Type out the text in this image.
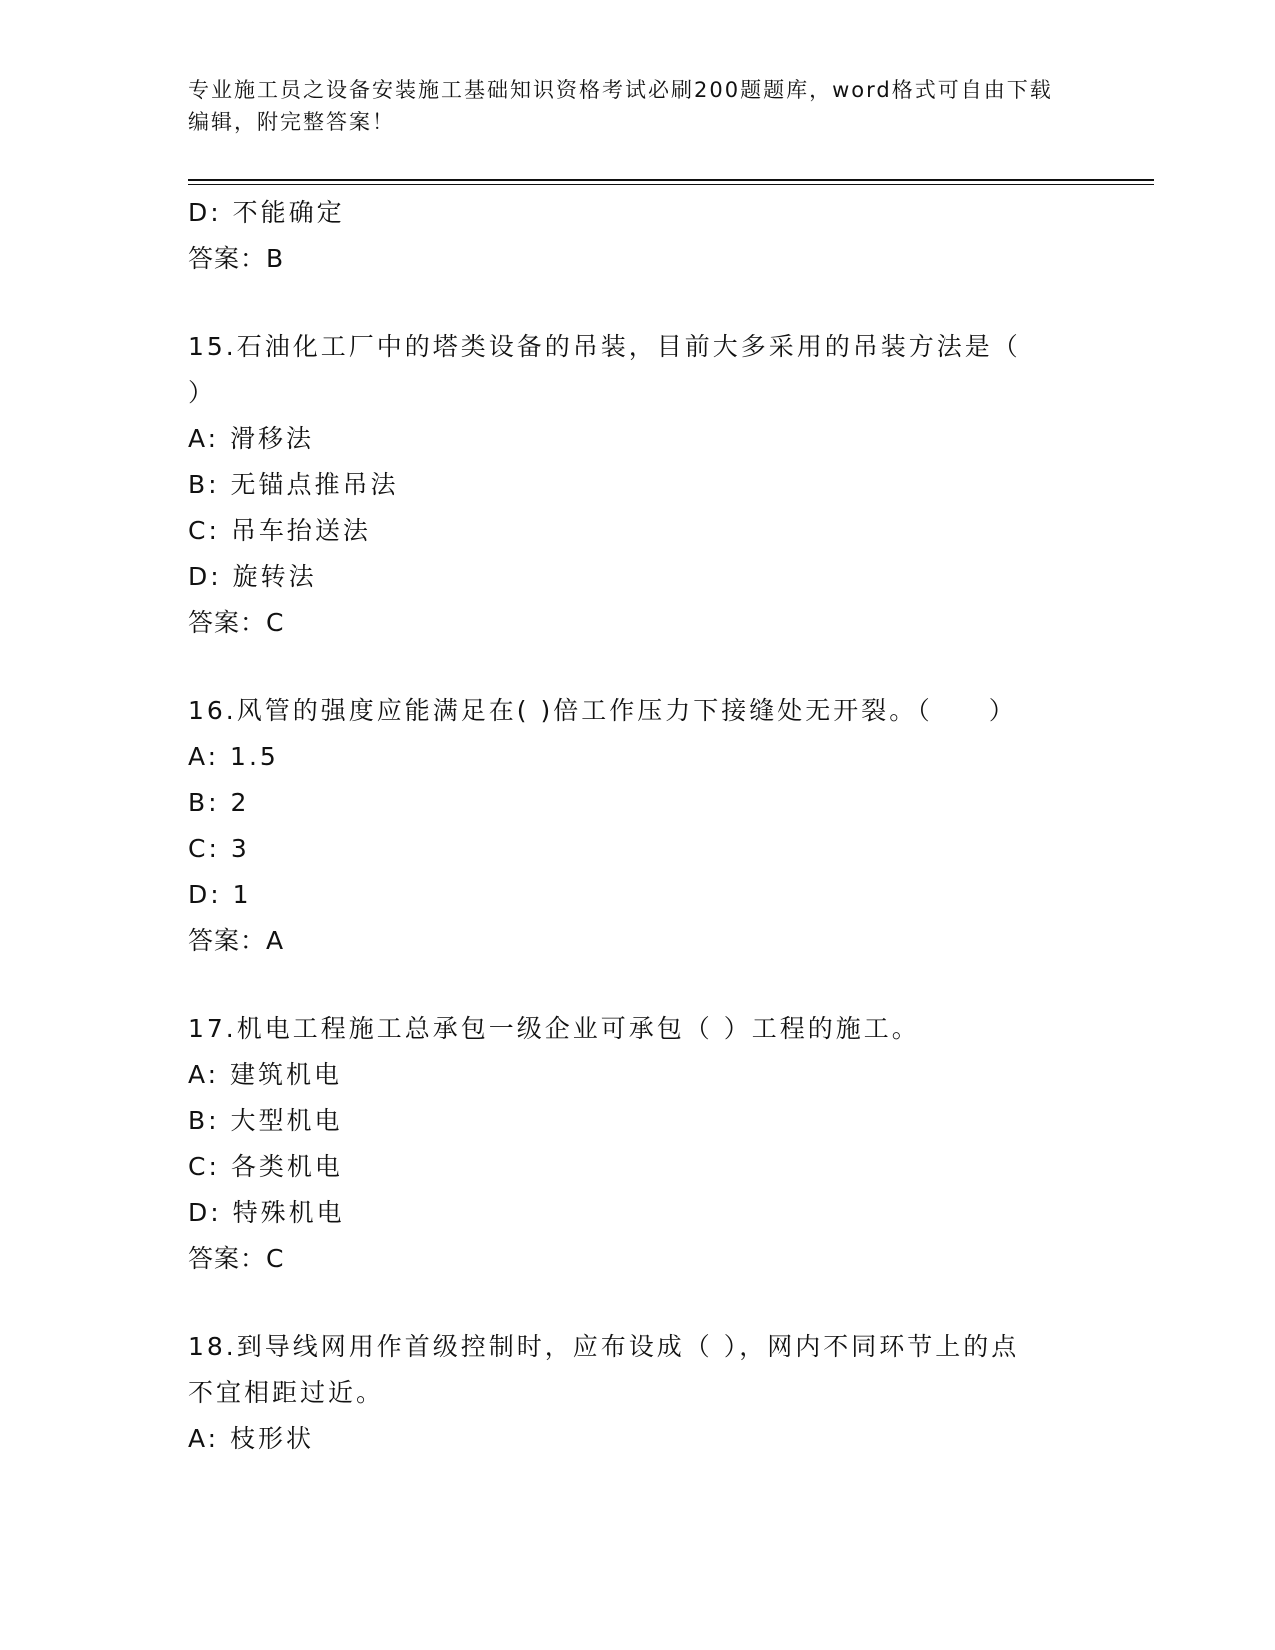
专业施工员之设备安装施工基础知识资格考试必刷200题题库，word格式可自由下载编辑，附完整答案！
D: 不能确定
答案：B
15.石油化工厂中的塔类设备的吊装，目前大多采用的吊装方法是（
）
A: 滑移法
B: 无锚点推吊法
C: 吊车抬送法
D: 旋转法
答案：C
16.风管的强度应能满足在( )倍工作压力下接缝处无开裂。（　　）
A: 1.5
B: 2
C: 3
D: 1
答案：A
17.机电工程施工总承包一级企业可承包（ ）工程的施工。
A: 建筑机电
B: 大型机电
C: 各类机电
D: 特殊机电
答案：C
18.到导线网用作首级控制时，应布设成（ ），网内不同环节上的点
不宜相距过近。
A: 枝形状
